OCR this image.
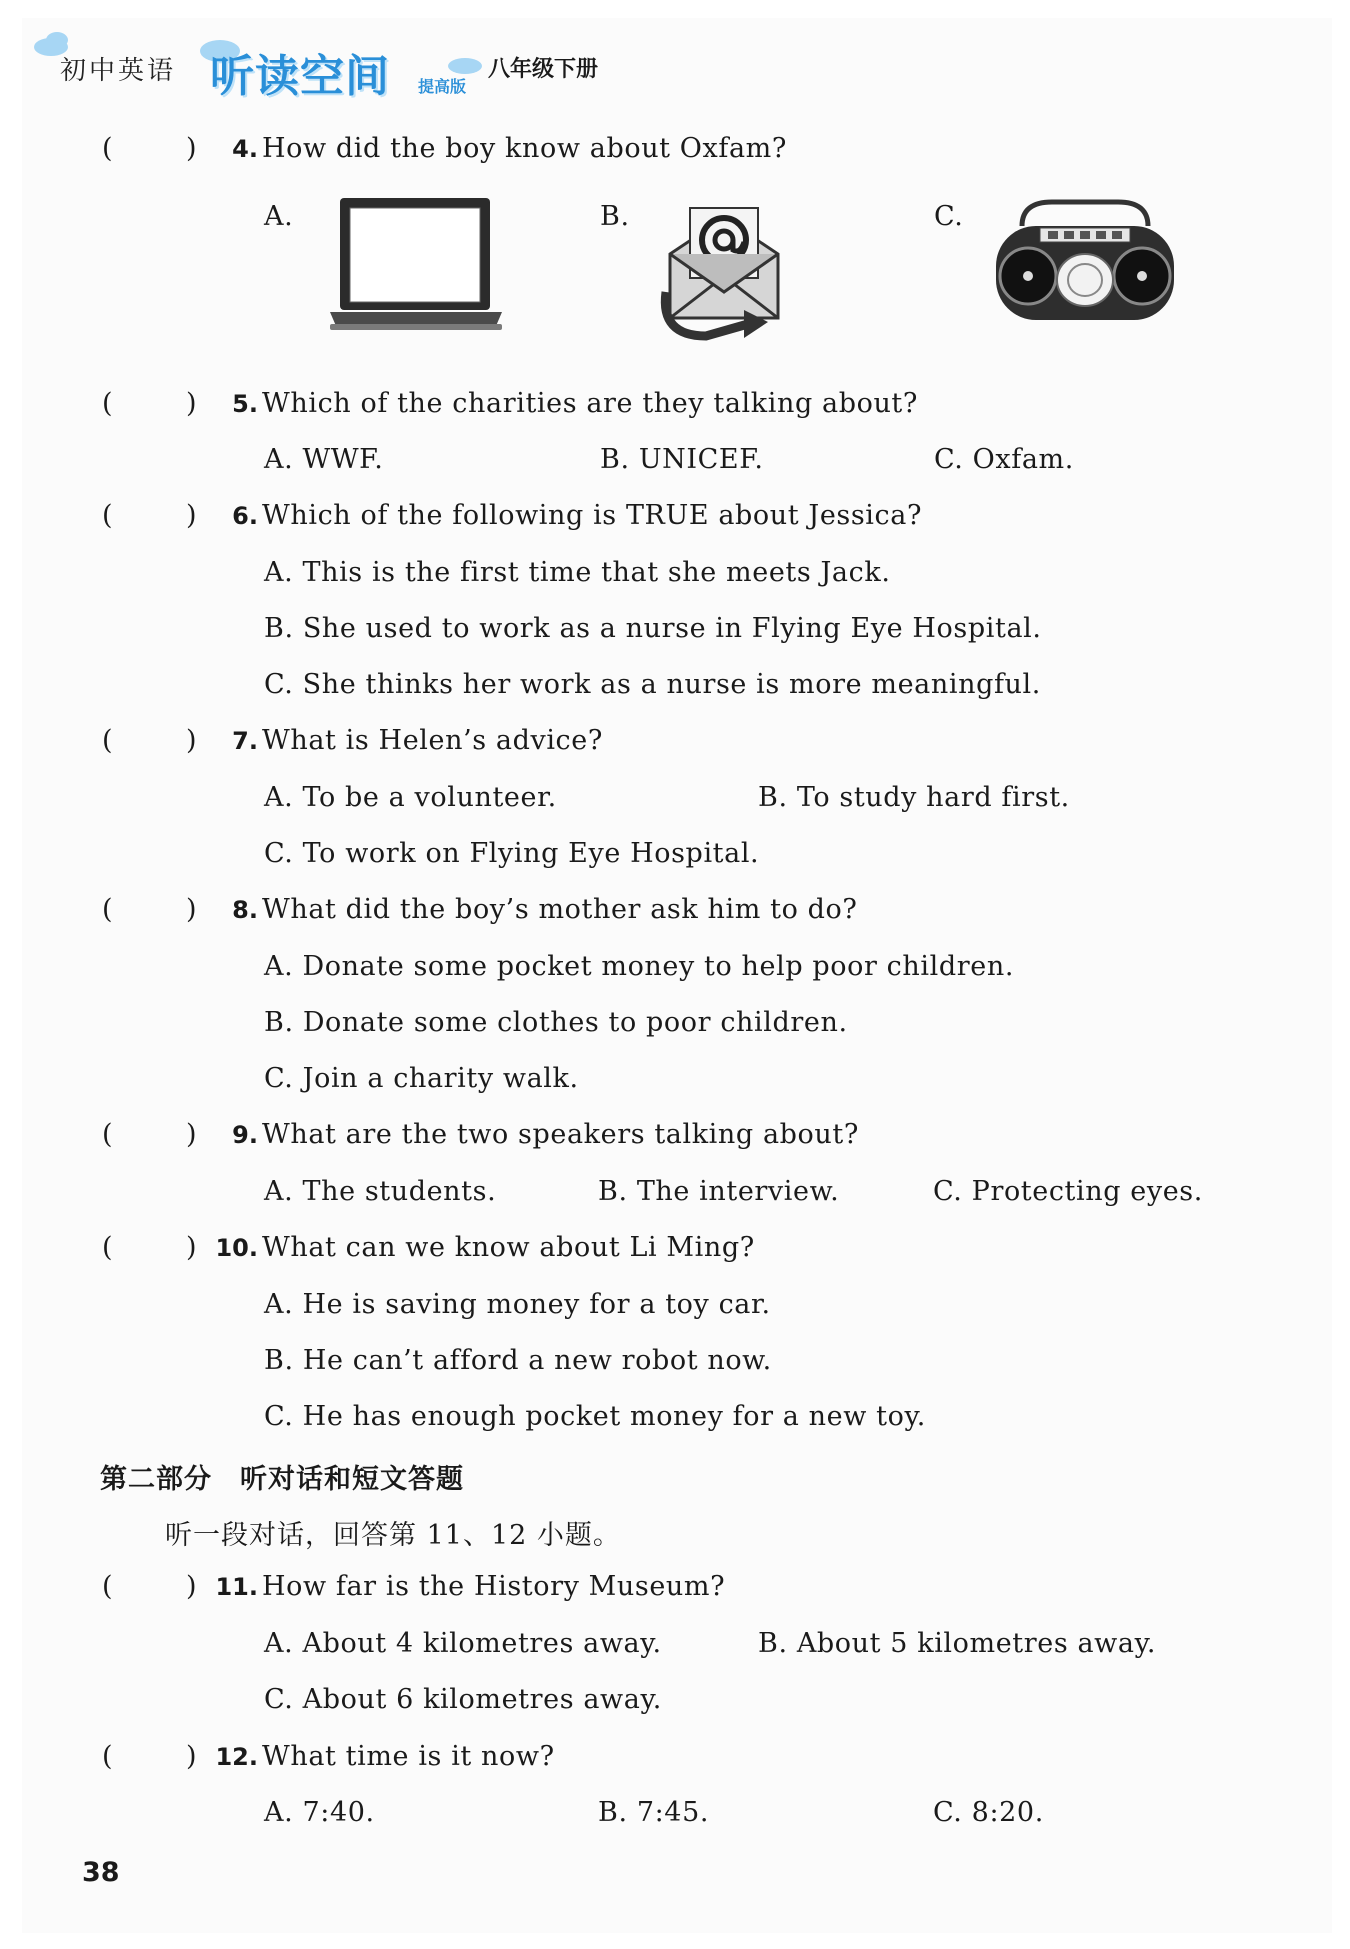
初中英语 听读空间 提高版
八年级下册
(	)	4. How did the boy know about Oxfam?
A.	B.	C.
(	)	5. Which of the charities are they talking about?
A. WWF.	B. UNICEF.	C. Oxfam.
(	)	6. Which of the following is TRUE about Jessica?
A. This is the first time that she meets Jack.
B. She used to work as a nurse in Flying Eye Hospital.
C. She thinks her work as a nurse is more meaningful.
(	)	7. What is Helen’s advice?
A. To be a volunteer.	B. To study hard first.
C. To work on Flying Eye Hospital.
(	)	8. What did the boy’s mother ask him to do?
A. Donate some pocket money to help poor children.
B. Donate some clothes to poor children.
C. Join a charity walk.
(	)	9. What are the two speakers talking about?
A. The students.	B. The interview.	C. Protecting eyes.
(	) 10. What can we know about Li Ming?
A. He is saving money for a toy car.
B. He can’t afford a new robot now.
C. He has enough pocket money for a new toy.
第二部分　听对话和短文答题
听一段对话，回答第 11、12 小题。
(	) 11. How far is the History Museum?
A. About 4 kilometres away.	B. About 5 kilometres away.
C. About 6 kilometres away.
(	) 12. What time is it now?
A. 7:40.	B. 7:45.	C. 8:20.
38
